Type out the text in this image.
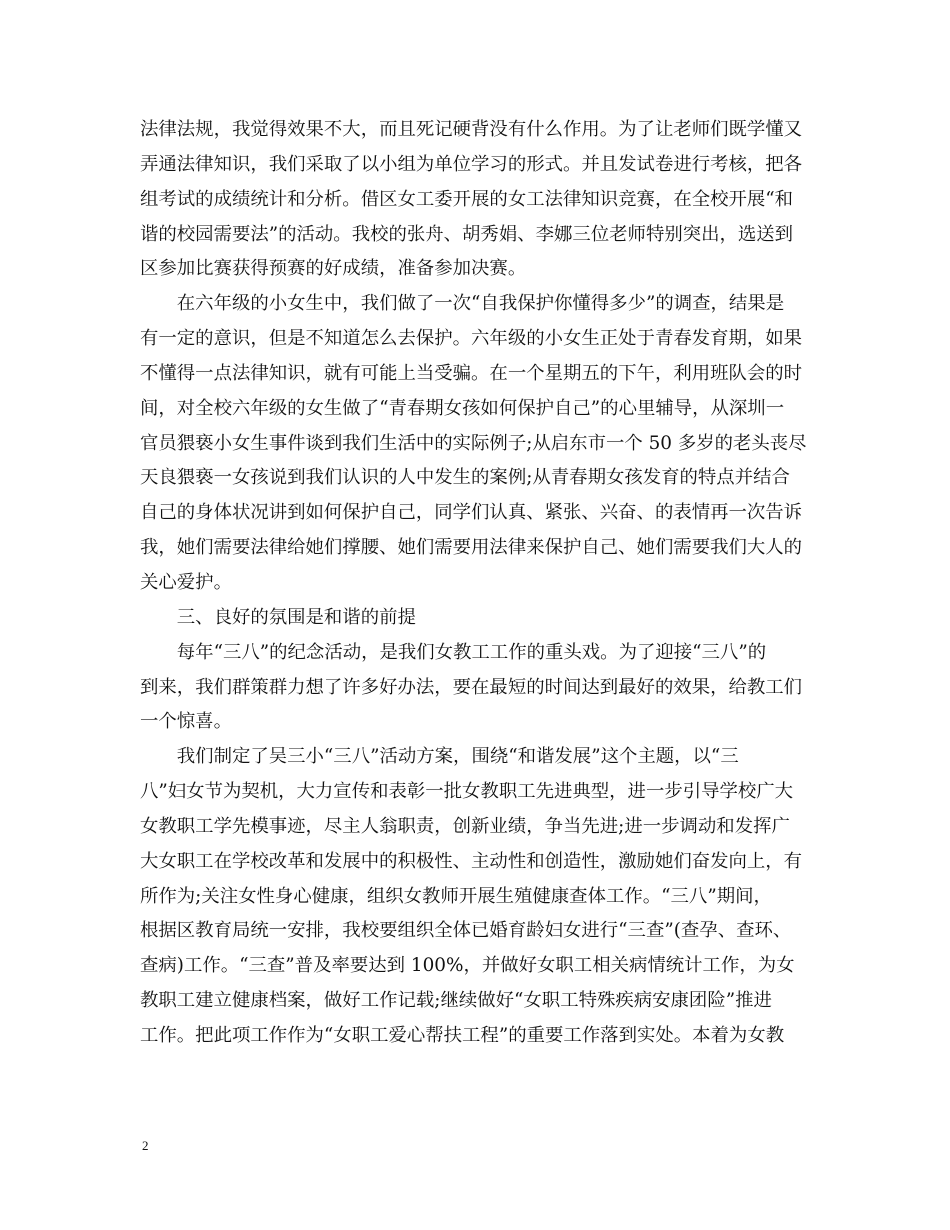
法律法规，我觉得效果不大，而且死记硬背没有什么作用。为了让老师们既学懂又
弄通法律知识，我们采取了以小组为单位学习的形式。并且发试卷进行考核，把各
组考试的成绩统计和分析。借区女工委开展的女工法律知识竞赛，在全校开展“和
谐的校园需要法”的活动。我校的张舟、胡秀娟、李娜三位老师特别突出，选送到
区参加比赛获得预赛的好成绩，准备参加决赛。
　　在六年级的小女生中，我们做了一次“自我保护你懂得多少”的调查，结果是
有一定的意识，但是不知道怎么去保护。六年级的小女生正处于青春发育期，如果
不懂得一点法律知识，就有可能上当受骗。在一个星期五的下午，利用班队会的时
间，对全校六年级的女生做了“青春期女孩如何保护自己”的心里辅导，从深圳一
官员猥亵小女生事件谈到我们生活中的实际例子;从启东市一个 50 多岁的老头丧尽
天良猥亵一女孩说到我们认识的人中发生的案例;从青春期女孩发育的特点并结合
自己的身体状况讲到如何保护自己，同学们认真、紧张、兴奋、的表情再一次告诉
我，她们需要法律给她们撑腰、她们需要用法律来保护自己、她们需要我们大人的
关心爱护。
　　三、良好的氛围是和谐的前提
　　每年“三八”的纪念活动，是我们女教工工作的重头戏。为了迎接“三八”的
到来，我们群策群力想了许多好办法，要在最短的时间达到最好的效果，给教工们
一个惊喜。
　　我们制定了吴三小“三八”活动方案，围绕“和谐发展”这个主题，以“三
八”妇女节为契机，大力宣传和表彰一批女教职工先进典型，进一步引导学校广大
女教职工学先模事迹，尽主人翁职责，创新业绩，争当先进;进一步调动和发挥广
大女职工在学校改革和发展中的积极性、主动性和创造性，激励她们奋发向上，有
所作为;关注女性身心健康，组织女教师开展生殖健康查体工作。“三八”期间，
根据区教育局统一安排，我校要组织全体已婚育龄妇女进行“三查”(查孕、查环、
查病)工作。“三查”普及率要达到 100%，并做好女职工相关病情统计工作，为女
教职工建立健康档案，做好工作记载;继续做好“女职工特殊疾病安康团险”推进
工作。把此项工作作为“女职工爱心帮扶工程”的重要工作落到实处。本着为女教
2
